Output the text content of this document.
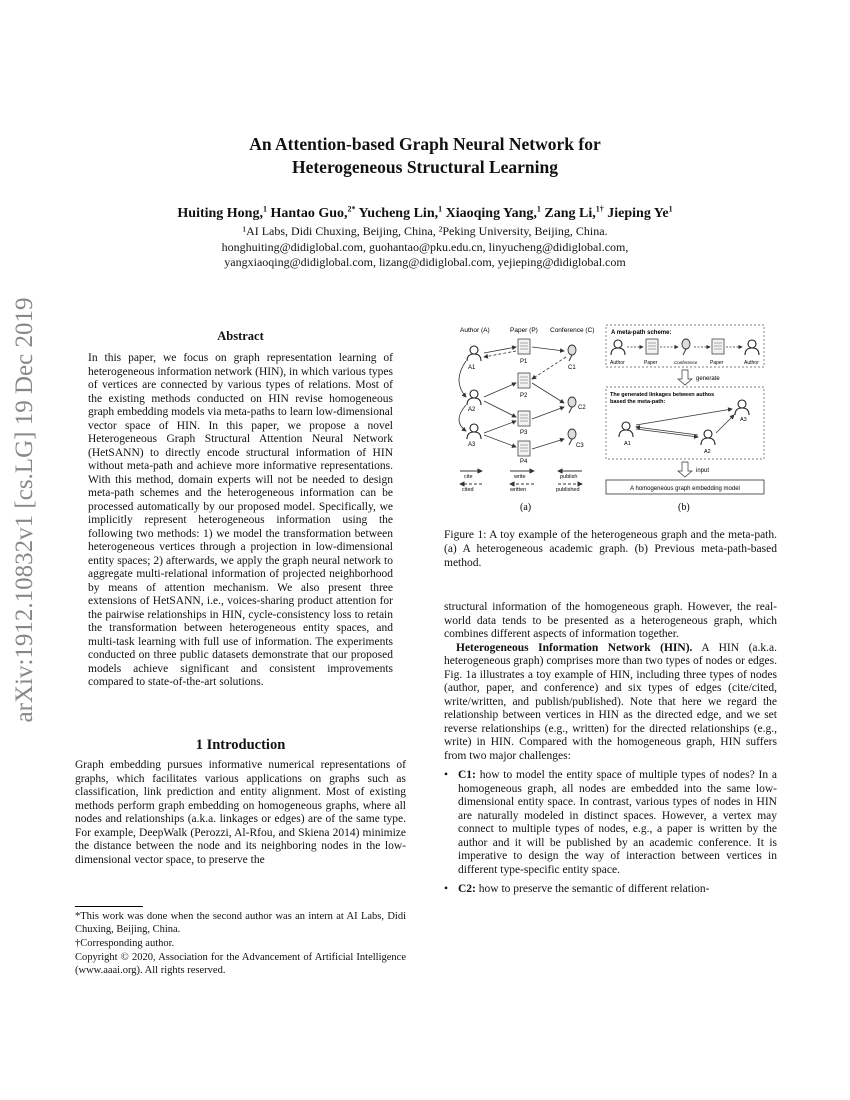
arXiv:1912.10832v1 [cs.LG] 19 Dec 2019
An Attention-based Graph Neural Network for
Heterogeneous Structural Learning
Huiting Hong,$^1$ Hantao Guo,$^{2*}$ Yucheng Lin,$^1$ Xiaoqing Yang,$^1$ Zang Li,$^{1\dagger}$ Jieping Ye$^1$
¹AI Labs, Didi Chuxing, Beijing, China, ²Peking University, Beijing, China.
honghuiting@didiglobal.com, guohantao@pku.edu.cn, linyucheng@didiglobal.com,
yangxiaoqing@didiglobal.com, lizang@didiglobal.com, yejieping@didiglobal.com
Abstract

In this paper, we focus on graph representation learning of heterogeneous information network (HIN), in which various types of vertices are connected by various types of relations. Most of the existing methods conducted on HIN revise homogeneous graph embedding models via meta-paths to learn low-dimensional vector space of HIN. In this paper, we propose a novel Heterogeneous Graph Structural Attention Neural Network (HetSANN) to directly encode structural information of HIN without meta-path and achieve more informative representations. With this method, domain experts will not be needed to design meta-path schemes and the heterogeneous information can be processed automatically by our proposed model. Specifically, we implicitly represent heterogeneous information using the following two methods: 1) we model the transformation between heterogeneous vertices through a projection in low-dimensional entity spaces; 2) afterwards, we apply the graph neural network to aggregate multi-relational information of projected neighborhood by means of attention mechanism. We also present three extensions of HetSANN, i.e., voices-sharing product attention for the pairwise relationships in HIN, cycle-consistency loss to retain the transformation between heterogeneous entity spaces, and multi-task learning with full use of information. The experiments conducted on three public datasets demonstrate that our proposed models achieve significant and consistent improvements compared to state-of-the-art solutions.

1 Introduction

Graph embedding pursues informative numerical representations of graphs, which facilitates various applications on graphs such as classification, link prediction and entity alignment. Most of existing methods perform graph embedding on homogeneous graphs, where all nodes and relationships (a.k.a. linkages or edges) are of the same type. For example, DeepWalk (Perozzi, Al-Rfou, and Skiena 2014) minimize the distance between the node and its neighboring nodes in the low-dimensional vector space, to preserve the

*This work was done when the second author was an intern at AI Labs, Didi Chuxing, Beijing, China.

†Corresponding author.

Copyright © 2020, Association for the Advancement of Artificial Intelligence (www.aaai.org). All rights reserved.

Author (A)	Paper (P) Conference (C)
A1
A2
A3
P1
P2
P3
P4
C1
C2
C3
cite	write	publish
cited	written	published
(a)
A meta-path scheme:
Author	Paper	Conference	Paper	Author
generate
The generated linkages between authos based the meta-path:
A1
A2
A3
input
A homogeneous graph embedding model
(b)

Figure 1: A toy example of the heterogeneous graph and the meta-path. (a) A heterogeneous academic graph. (b) Previous meta-path-based method.

structural information of the homogeneous graph. However, the real-world data tends to be presented as a heterogeneous graph, which combines different aspects of information together.

Heterogeneous Information Network (HIN). A HIN (a.k.a. heterogeneous graph) comprises more than two types of nodes or edges. Fig. 1a illustrates a toy example of HIN, including three types of nodes (author, paper, and conference) and six types of edges (cite/cited, write/written, and publish/published). Note that here we regard the relationship between vertices in HIN as the directed edge, and we set reverse relationships (e.g., written) for the directed relationships (e.g., write) in HIN. Compared with the homogeneous graph, HIN suffers from two major challenges:

• C1: how to model the entity space of multiple types of nodes? In a homogeneous graph, all nodes are embedded into the same low-dimensional entity space. In contrast, various types of nodes in HIN are naturally modeled in distinct spaces. However, a vertex may connect to multiple types of nodes, e.g., a paper is written by the author and it will be published by an academic conference. It is imperative to design the way of interaction between vertices in different type-specific entity space.
• C2: how to preserve the semantic of different relation-
